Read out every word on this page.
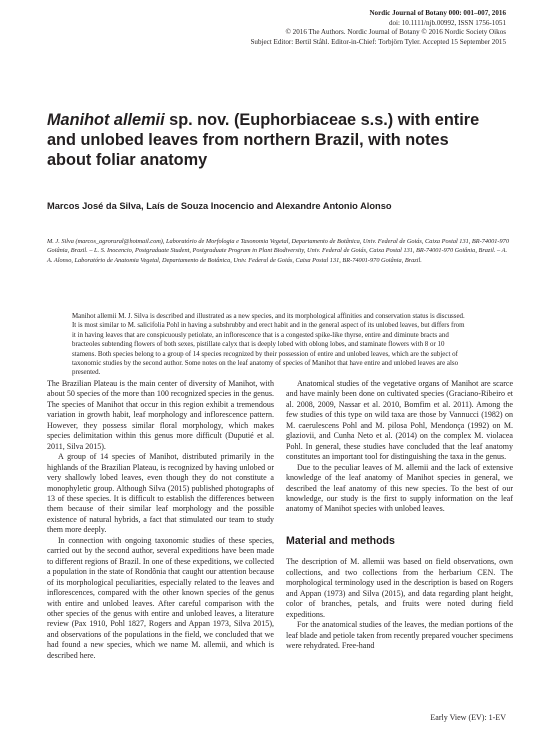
Nordic Journal of Botany 000: 001–007, 2016
doi: 10.1111/njb.00992, ISSN 1756-1051
© 2016 The Authors. Nordic Journal of Botany © 2016 Nordic Society Oikos
Subject Editor: Bertil Ståhl. Editor-in-Chief: Torbjörn Tyler. Accepted 15 September 2015
Manihot allemii sp. nov. (Euphorbiaceae s.s.) with entire and unlobed leaves from northern Brazil, with notes about foliar anatomy
Marcos José da Silva, Laís de Souza Inocencio and Alexandre Antonio Alonso
M. J. Silva (marcos_agrorural@hotmail.com), Laboratório de Morfologia e Taxonomia Vegetal, Departamento de Botânica, Univ. Federal de Goiás, Caixa Postal 131, BR-74001-970 Goiânia, Brazil. – L. S. Inocencio, Postgraduate Student, Postgraduate Program in Plant Biodiversity, Univ. Federal de Goiás, Caixa Postal 131, BR-74001-970 Goiânia, Brazil. – A. A. Alonso, Laboratório de Anatomia Vegetal, Departamento de Botânica, Univ. Federal de Goiás, Caixa Postal 131, BR-74001-970 Goiânia, Brazil.
Manihot allemii M. J. Silva is described and illustrated as a new species, and its morphological affinities and conservation status is discussed. It is most similar to M. salicifolia Pohl in having a subshrubby and erect habit and in the general aspect of its unlobed leaves, but differs from it in having leaves that are conspicuously petiolate, an inflorescence that is a congested spike-like thyrse, entire and diminute bracts and bracteoles subtending flowers of both sexes, pistillate calyx that is deeply lobed with oblong lobes, and staminate flowers with 8 or 10 stamens. Both species belong to a group of 14 species recognized by their possession of entire and unlobed leaves, which are the subject of taxonomic studies by the second author. Some notes on the leaf anatomy of species of Manihot that have entire and unlobed leaves are also presented.

The Brazilian Plateau is the main center of diversity of Manihot, with about 50 species of the more than 100 recognized species in the genus. The species of Manihot that occur in this region exhibit a tremendous variation in growth habit, leaf morphology and inflorescence pattern. However, they possess similar floral morphology, which makes species delimitation within this genus more difficult (Duputié et al. 2011, Silva 2015).

A group of 14 species of Manihot, distributed primarily in the highlands of the Brazilian Plateau, is recognized by having unlobed or very shallowly lobed leaves, even though they do not constitute a monophyletic group. Although Silva (2015) published photographs of 13 of these species. It is difficult to establish the differences between them because of their similar leaf morphology and the possible existence of natural hybrids, a fact that stimulated our team to study them more deeply.

In connection with ongoing taxonomic studies of these species, carried out by the second author, several expeditions have been made to different regions of Brazil. In one of these expeditions, we collected a population in the state of Rondônia that caught our attention because of its morphological peculiarities, especially related to the leaves and inflorescences, compared with the other known species of the genus with entire and unlobed leaves. After careful comparison with the other species of the genus with entire and unlobed leaves, a literature review (Pax 1910, Pohl 1827, Rogers and Appan 1973, Silva 2015), and observations of the populations in the field, we concluded that we had found a new species, which we name M. allemii, and which is described here.

Anatomical studies of the vegetative organs of Manihot are scarce and have mainly been done on cultivated species (Graciano-Ribeiro et al. 2008, 2009, Nassar et al. 2010, Bomfim et al. 2011). Among the few studies of this type on wild taxa are those by Vannucci (1982) on M. caerulescens Pohl and M. pilosa Pohl, Mendonça (1992) on M. glaziovii, and Cunha Neto et al. (2014) on the complex M. violacea Pohl. In general, these studies have concluded that the leaf anatomy constitutes an important tool for distinguishing the taxa in the genus.

Due to the peculiar leaves of M. allemii and the lack of extensive knowledge of the leaf anatomy of Manihot species in general, we described the leaf anatomy of this new species. To the best of our knowledge, our study is the first to supply information on the leaf anatomy of Manihot species with unlobed leaves.

Material and methods

The description of M. allemii was based on field observations, own collections, and two collections from the herbarium CEN. The morphological terminology used in the description is based on Rogers and Appan (1973) and Silva (2015), and data regarding plant height, color of branches, petals, and fruits were noted during field expeditions.

For the anatomical studies of the leaves, the median portions of the leaf blade and petiole taken from recently prepared voucher specimens were rehydrated. Free-hand

Early View (EV): 1-EV
